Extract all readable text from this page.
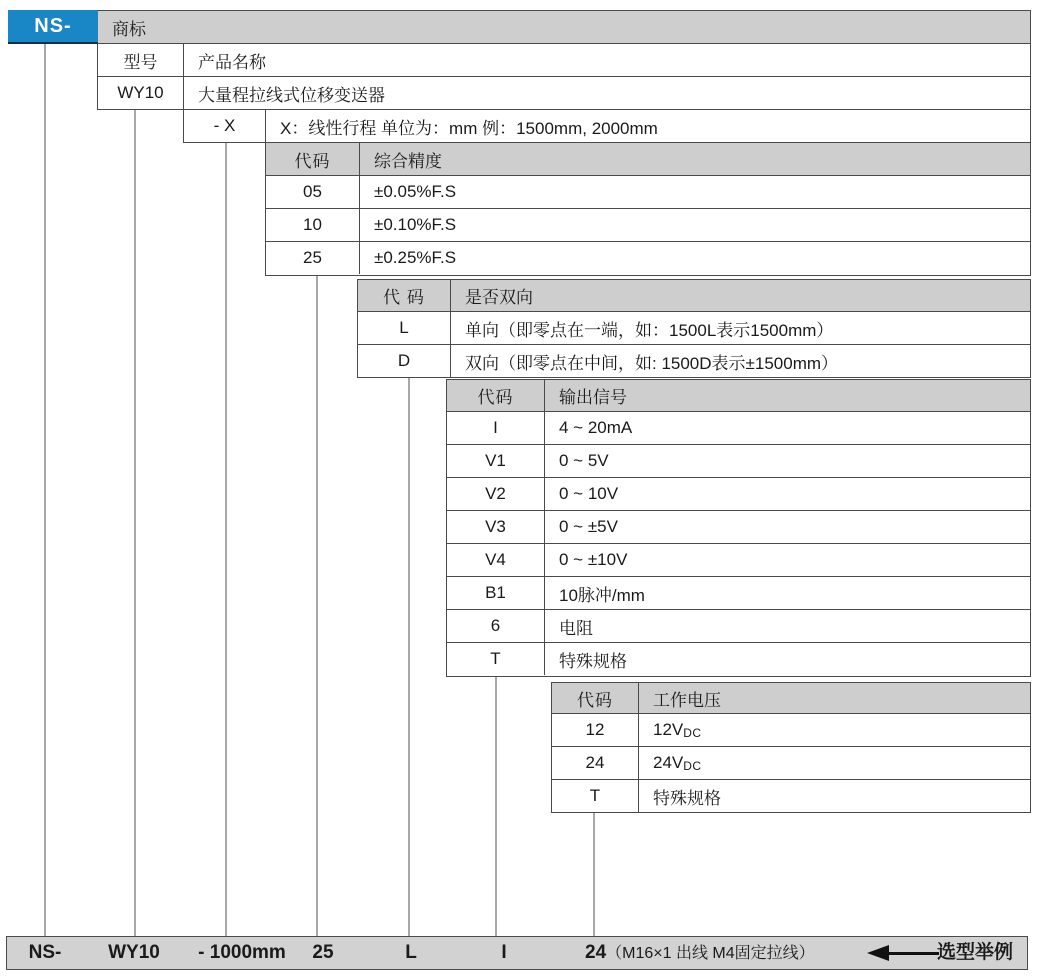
商标
NS-
型号	产品名称
WY10	大量程拉线式位移变送器
- X	X：线性行程 单位为：mm 例：1500mm, 2000mm
代码	综合精度
05	±0.05%F.S
10	±0.10%F.S
25	±0.25%F.S
代 码	是否双向
L	单向（即零点在一端，如：1500L表示1500mm）
D	双向（即零点在中间，如: 1500D表示±1500mm）
代码	输出信号
I	4 ~ 20mA
V1	0 ~ 5V
V2	0 ~ 10V
V3	0 ~ ±5V
V4	0 ~ ±10V
B1	10脉冲/mm
6	电阻
T	特殊规格
代码	工作电压
12	12V DC
24	24V DC
T	特殊规格
NS- WY10 - 1000mm 25	L	I	24（M16×1 出线 M4固定拉线）	选型举例
